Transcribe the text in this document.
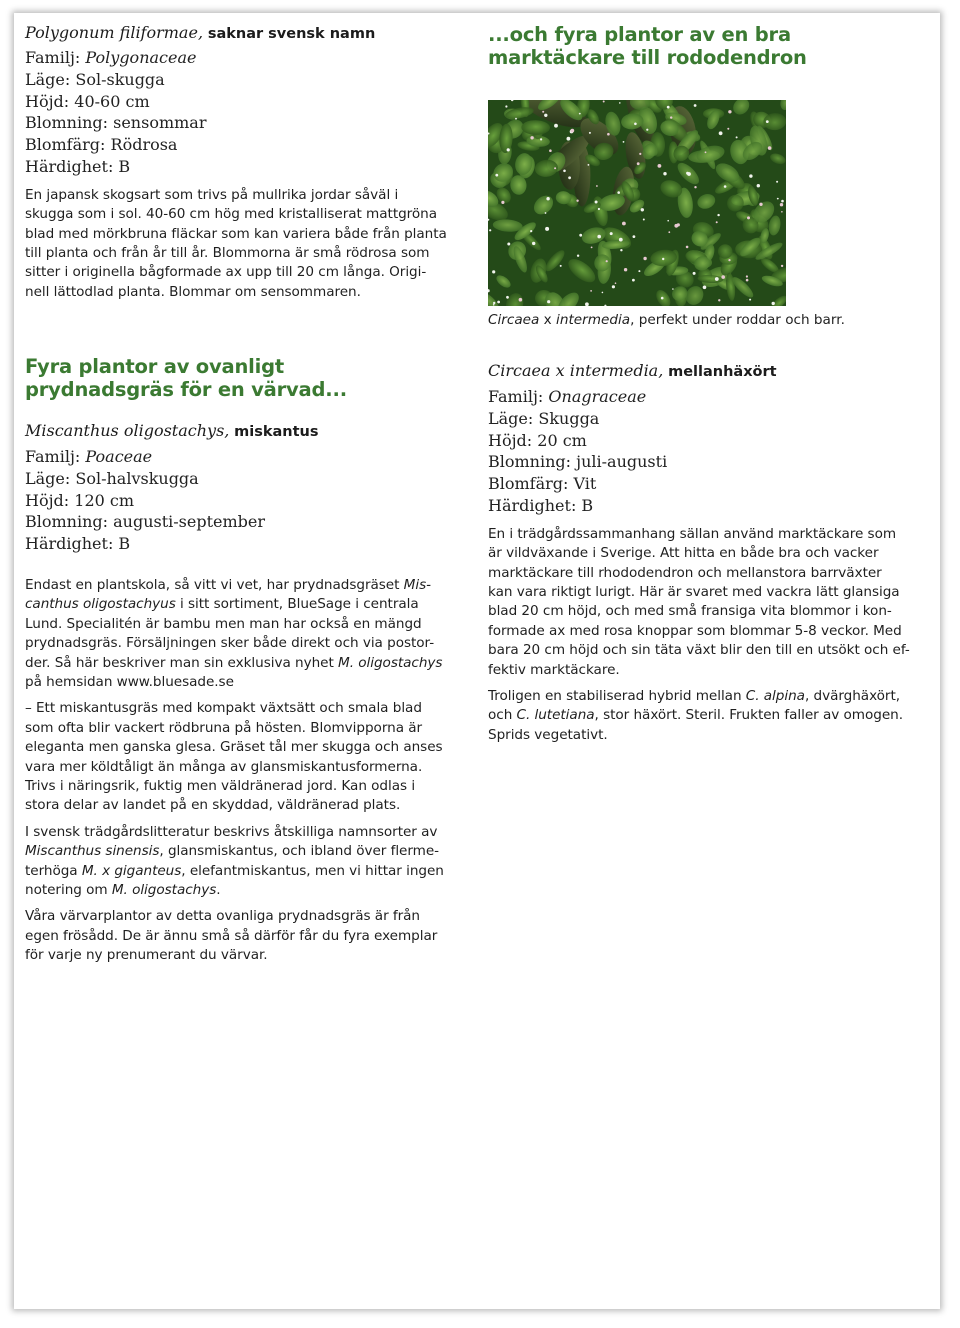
Polygonum filiformae, saknar svensk namn
Familj: Polygonaceae
Läge: Sol-skugga
Höjd: 40-60 cm
Blomning: sensommar
Blomfärg: Rödrosa
Härdighet: B
En japansk skogsart som trivs på mullrika jordar såväl i
skugga som i sol. 40-60 cm hög med kristalliserat mattgröna
blad med mörkbruna fläckar som kan variera både från planta
till planta och från år till år. Blommorna är små rödrosa som
sitter i originella bågformade ax upp till 20 cm långa. Origi-
nell lättodlad planta. Blommar om sensommaren.
Fyra plantor av ovanligt
prydnadsgräs för en värvad...
Miscanthus oligostachys, miskantus
Familj: Poaceae
Läge: Sol-halvskugga
Höjd: 120 cm
Blomning: augusti-september
Härdighet: B

Endast en plantskola, så vitt vi vet, har prydnadsgräset Mis-
canthus oligostachyus i sitt sortiment, BlueSage i centrala
Lund. Specialitén är bambu men man har också en mängd
prydnadsgräs. Försäljningen sker både direkt och via postor-
der. Så här beskriver man sin exklusiva nyhet M. oligostachys
på hemsidan www.bluesade.se

– Ett miskantusgräs med kompakt växtsätt och smala blad
som ofta blir vackert rödbruna på hösten. Blomvipporna är
eleganta men ganska glesa. Gräset tål mer skugga och anses
vara mer köldtåligt än många av glansmiskantusformerna.
Trivs i näringsrik, fuktig men väldränerad jord. Kan odlas i
stora delar av landet på en skyddad, väldränerad plats.

I svensk trädgårdslitteratur beskrivs åtskilliga namnsorter av
Miscanthus sinensis, glansmiskantus, och ibland över flerme-
terhöga M. x giganteus, elefantmiskantus, men vi hittar ingen
notering om M. oligostachys.

Våra värvarplantor av detta ovanliga prydnadsgräs är från
egen frösådd. De är ännu små så därför får du fyra exemplar
för varje ny prenumerant du värvar.

...och fyra plantor av en bra
marktäckare till rododendron
Circaea x intermedia, perfekt under roddar och barr.
Circaea x intermedia, mellanhäxört
Familj: Onagraceae
Läge: Skugga
Höjd: 20 cm
Blomning: juli-augusti
Blomfärg: Vit
Härdighet: B

En i trädgårdssammanhang sällan använd marktäckare som
är vildväxande i Sverige. Att hitta en både bra och vacker
marktäckare till rhododendron och mellanstora barrväxter
kan vara riktigt lurigt. Här är svaret med vackra lätt glansiga
blad 20 cm höjd, och med små fransiga vita blommor i kon-
formade ax med rosa knoppar som blommar 5-8 veckor. Med
bara 20 cm höjd och sin täta växt blir den till en utsökt och ef-
fektiv marktäckare.

Troligen en stabiliserad hybrid mellan C. alpina, dvärghäxört,
och C. lutetiana, stor häxört. Steril. Frukten faller av omogen.
Sprids vegetativt.
